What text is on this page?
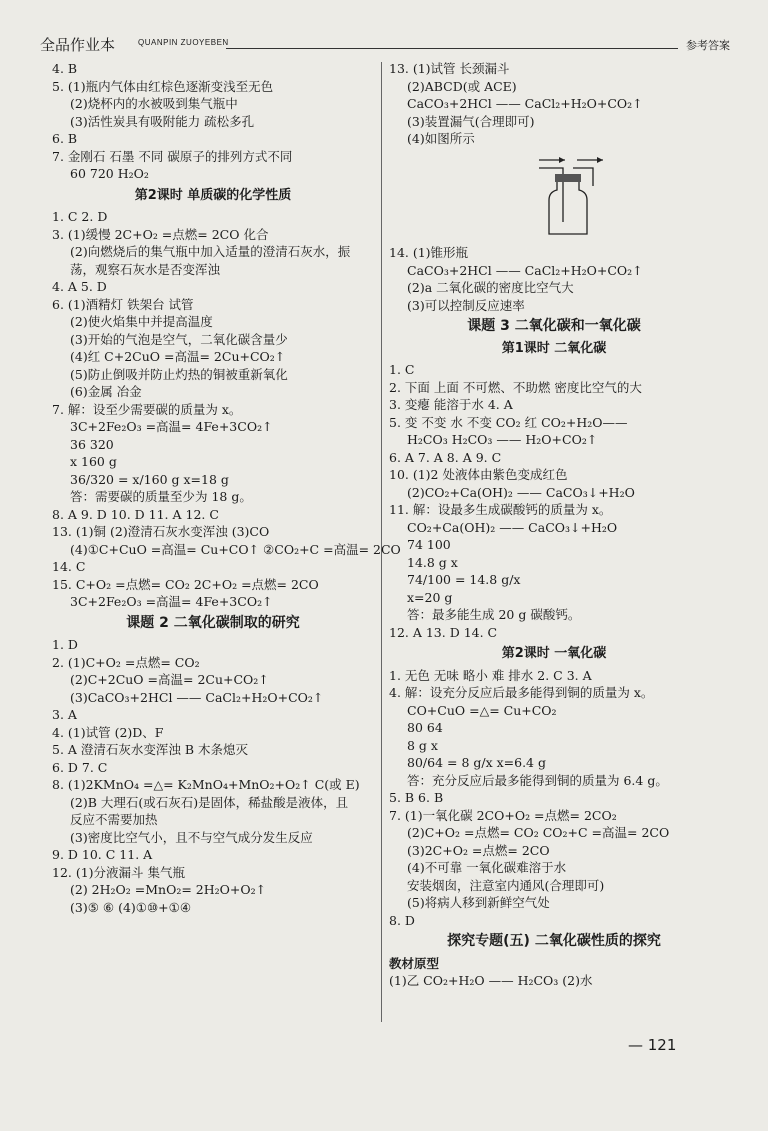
全品作业本	QUANPIN ZUOYEBEN	参考答案
4. B
5. (1)瓶内气体由红棕色逐渐变浅至无色
(2)烧杯内的水被吸到集气瓶中
(3)活性炭具有吸附能力 疏松多孔
6. B
7. 金刚石 石墨 不同 碳原子的排列方式不同
60 720 H₂O₂
第2课时 单质碳的化学性质
1. C 2. D
3. (1)缓慢 2C+O₂ =点燃= 2CO 化合
(2)向燃烧后的集气瓶中加入适量的澄清石灰水，振
荡，观察石灰水是否变浑浊
4. A 5. D
6. (1)酒精灯 铁架台 试管
(2)使火焰集中并提高温度
(3)开始的气泡是空气，二氧化碳含量少
(4)红 C+2CuO =高温= 2Cu+CO₂↑
(5)防止倒吸并防止灼热的铜被重新氧化
(6)金属 冶金
7. 解：设至少需要碳的质量为 x。
3C+2Fe₂O₃ =高温= 4Fe+3CO₂↑
36 320
x 160 g
36/320 = x/160 g x=18 g
答：需要碳的质量至少为 18 g。
8. A 9. D 10. D 11. A 12. C
13. (1)铜 (2)澄清石灰水变浑浊 (3)CO
(4)①C+CuO =高温= Cu+CO↑ ②CO₂+C =高温= 2CO
14. C
15. C+O₂ =点燃= CO₂ 2C+O₂ =点燃= 2CO
3C+2Fe₂O₃ =高温= 4Fe+3CO₂↑
课题 2 二氧化碳制取的研究
1. D
2. (1)C+O₂ =点燃= CO₂
(2)C+2CuO =高温= 2Cu+CO₂↑
(3)CaCO₃+2HCl —— CaCl₂+H₂O+CO₂↑
3. A
4. (1)试管 (2)D、F
5. A 澄清石灰水变浑浊 B 木条熄灭
6. D 7. C
8. (1)2KMnO₄ =△= K₂MnO₄+MnO₂+O₂↑ C(或 E)
(2)B 大理石(或石灰石)是固体，稀盐酸是液体，且
反应不需要加热
(3)密度比空气小，且不与空气成分发生反应
9. D 10. C 11. A
12. (1)分液漏斗 集气瓶
(2) 2H₂O₂ =MnO₂= 2H₂O+O₂↑
(3)⑤ ⑥ (4)①⑩+①④
13. (1)试管 长颈漏斗
(2)ABCD(或 ACE)
CaCO₃+2HCl —— CaCl₂+H₂O+CO₂↑
(3)装置漏气(合理即可)
(4)如图所示
14. (1)锥形瓶
CaCO₃+2HCl —— CaCl₂+H₂O+CO₂↑
(2)a 二氧化碳的密度比空气大
(3)可以控制反应速率
课题 3 二氧化碳和一氧化碳
第1课时 二氧化碳
1. C
2. 下面 上面 不可燃、不助燃 密度比空气的大
3. 变瘪 能溶于水 4. A
5. 变 不变 水 不变 CO₂ 红 CO₂+H₂O——
H₂CO₃ H₂CO₃ —— H₂O+CO₂↑
6. A 7. A 8. A 9. C
10. (1)2 处液体由紫色变成红色
(2)CO₂+Ca(OH)₂ —— CaCO₃↓+H₂O
11. 解：设最多生成碳酸钙的质量为 x。
CO₂+Ca(OH)₂ —— CaCO₃↓+H₂O
74 100
14.8 g x
74/100 = 14.8 g/x
x=20 g
答：最多能生成 20 g 碳酸钙。
12. A 13. D 14. C
第2课时 一氧化碳
1. 无色 无味 略小 难 排水 2. C 3. A
4. 解：设充分反应后最多能得到铜的质量为 x。
CO+CuO =△= Cu+CO₂
80 64
8 g x
80/64 = 8 g/x x=6.4 g
答：充分反应后最多能得到铜的质量为 6.4 g。
5. B 6. B
7. (1)一氧化碳 2CO+O₂ =点燃= 2CO₂
(2)C+O₂ =点燃= CO₂ CO₂+C =高温= 2CO
(3)2C+O₂ =点燃= 2CO
(4)不可靠 一氧化碳难溶于水
安装烟囱，注意室内通风(合理即可)
(5)将病人移到新鲜空气处
8. D
探究专题(五) 二氧化碳性质的探究
教材原型
(1)乙 CO₂+H₂O —— H₂CO₃ (2)水
— 121
